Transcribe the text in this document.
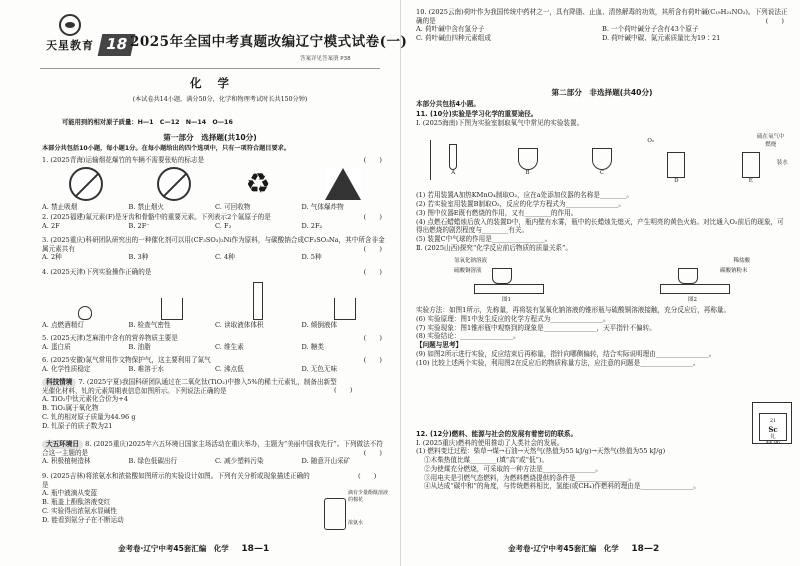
天星教育 18 2025年全国中考真题改编辽宁模式试卷(一)
答案详见答案册 P38
化 学
(本试卷共14小题，满分50分，化学和物理考试时长共150分钟)
可能用到的相对原子质量：H—1　C—12　N—14　O—16
第一部分　选择题(共10分)
本部分共包括10小题，每小题1分。在每小题给出的四个选项中，只有一项符合题目要求。
1. (2025青海)运输烟花爆竹的车辆不需要张贴的标志是	(　　)
♻
A. 禁止吸烟	B. 禁止烟火	C. 可回收物	D. 气体爆炸物
2. (2025福建)氟元素(F)是牙齿和骨骼中的重要元素。下列表示2个氟原子的是	(　　)
A. 2F	B. 2F⁻	C. F₂	D. 2F₂
3. (2025重庆)科研团队研究出的一种催化剂可以用(CF₃SO₃)₂Ni作为原料，与碳酸钠合成CF₃SO₃Na，其中所含非金属元素共有	(　　)
A. 2种	B. 3种	C. 4种	D. 5种
4. (2025天津)下列实验操作正确的是	(　　)
A. 点燃酒精灯	B. 检查气密性	C. 读取液体体积	D. 倾倒液体
5. (2025天津)芝麻油中含有的营养物质主要是	(　　)
A. 蛋白质	B. 油脂	C. 维生素	D. 糖类
6. (2025安徽)氮气常用作文物保护气，这主要利用了氮气	(　　)
A. 化学性质稳定	B. 难溶于水	C. 沸点低	D. 无色无味
科技情境 7. (2025宁夏)我国科研团队通过在二氧化钛(TiO₂)中掺入5%的稀土元素钆，制备出新型光催化材料，钆的元素周期表信息如图所示。下列说法正确的是
A. TiO₂中钛元素化合价为+4
B. TiO₂属于氧化物
C. 钆的相对原子质量为44.96 g
D. 钆原子的质子数为21
(　　)
21
Sc
钆
44.96
大五环境日 8. (2025重庆)2025年六五环境日国家主场活动在重庆举办，主题为“美丽中国我先行”。下列做法不符合这一主题的是	(　　)
A. 积极植树造林	B. 绿色低碳出行	C. 减少塑料污染	D. 随意开山采矿
9. (2025吉林)将浓氨水和浓盐酸如图所示的实验设计如图。下列有关分析或现象描述正确的是
A. 瓶中液滴从变蓝
B. 瓶盖上酚酞溶液变红
C. 实验得出浓氨水显碱性
D. 能看到氨分子在不断运动
(　　)
滴有少量酚酞溶液的棉花
浓氨水
金考卷·辽宁中考45套汇编　化学 18—1
10. (2025云南)荷叶作为我国传统中药材之一，具有降脂、止血、清热解毒的功效，其所含有荷叶碱(C₁₉H₂₁NO₂)。下列说法正确的是	(　　)
A. 荷叶碱中含有氢分子	B. 一个荷叶碱分子含有43个原子
C. 荷叶碱由四种元素组成	D. 荷叶碱中碳、氮元素质量比为19∶21
第二部分　非选择题(共40分)
本部分共包括4小题。
11. (10分)实验是学习化学的重要途径。
Ⅰ. (2025海南)下图为实验室制取氧气中常见的实验装置。
A	B	C
O₂
D
硫在氧气中燃烧
E
装水
(1) 若用装置A加热KMnO₄制取O₂，应在a处添加仪器的名称是________。
(2) 若实验室用装置B制取O₂，反应的化学方程式为________________。
(3) 图中仪器E既有燃烧的作用，又有________的作用。
(4) 点燃石蜡蜡烛后放入的装置D中，瓶内壁有水雾，瓶中的长蜡烛先熄灭，产生明亮的黄色火焰。对比通入O₂前后的现象，可得出燃烧的剧烈程度与________有关。
(5) 装置C中气球的作用是________________。
Ⅱ. (2025山西)探究“化学反应前后物质的质量关系”。
氢氧化钠溶液
硫酸铜溶液
图1
稀盐酸
碳酸钠粉末
图2
实验方法：如图1所示，先称量，再将装有氢氧化钠溶液的锥形瓶与硫酸铜溶液接触，充分反应后，再称量。
(6) 实验原理：图1中发生反应的化学方程式为________________。
(7) 实验现象：图1锥形瓶中观察到的现象是________________，天平指针不偏转。
(8) 实验结论：________________。
【问题与思考】
(9) 如图2所示进行实验，反应结束后再称量，指针向哪侧偏转，结合实际说明理由________________。
(10) 比较上述两个实验，利用图2在反应后的物质称量方法，应注意的问题是________________。
12. (12分)燃料、能源与社会的发展有着密切的联系。
Ⅰ. (2025重庆)燃料的使用推动了人类社会的发展。
(1) 燃料变迁过程：柴草→煤→石油→天然气(热值为55 kJ/g)→天然气(热值为55 kJ/g)
①木柴热值比煤________(填“高”或“低”)。
②为使煤充分燃烧，可采取的一种方法是________________。
③用电夫是引燃气态燃料，为燃料燃烧提供的条件是________________。
④从达成“碳中和”的角度，与传统燃料相比，氢能(或CH₄)作燃料的理由是________________。
金考卷·辽宁中考45套汇编　化学 18—2
